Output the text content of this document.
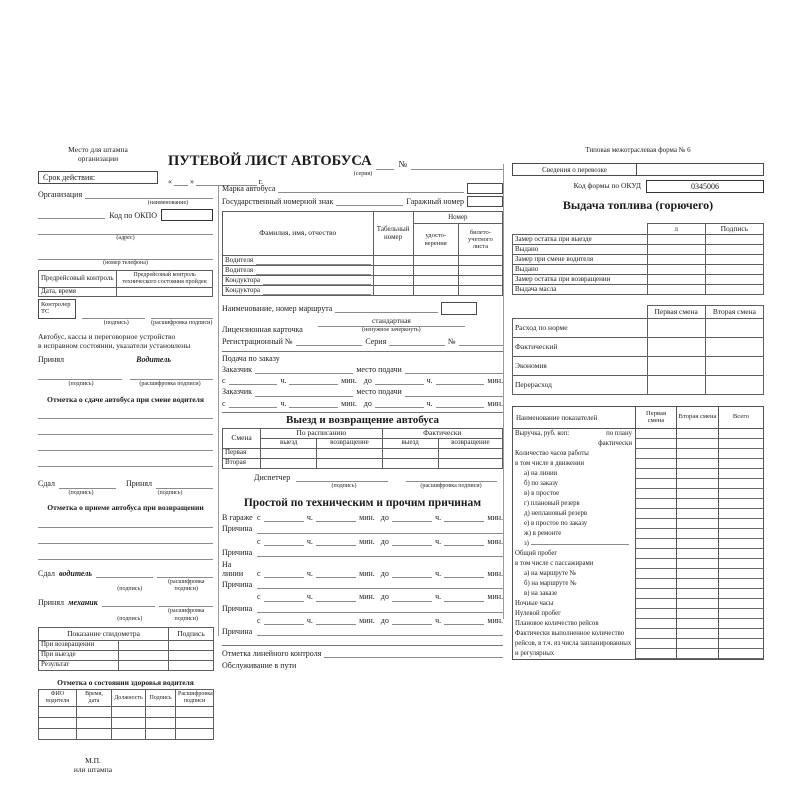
ПУТЕВОЙ ЛИСТ АВТОБУСА	№
(серия)
« »	г.
Место для штампа
организации
Срок действия:
Организация
(наименование)
Код по ОКПО
(адрес)
(номер телефона)
Предрейсовый контроль	Предрейсовый контроль технического состояния пройден
Дата, время	
Контролер ТС
(подпись)	(расшифровка подписи)
Автобус, кассы и переговорное устройство
в исправном состоянии, указатели установлены
Принял	Водитель
(подпись)	(расшифровка подписи)
Отметка о сдаче автобуса при смене водителя
Сдал	Принял
(подпись)	(подпись)
Отметка о приеме автобуса при возвращении
Сдал водитель
(подпись)
(расшифровка подписи)
Принял механик
(подпись)
(расшифровка подписи)
Показание спидометра		Подпись
При возвращении		
При выезде		
Результат		
Отметка о состоянии здоровья водителя
ФИО водителя	Время, дата	Должность	Подпись	Расшифровка подписи

М.П.
или штампа
Марка автобуса
Государственный номерной знак	Гаражный номер
Фамилия, имя, отчество	Табельный номер	Номер	
		удосто-верения	билето-учетного листа

Водителя			

Водителя			

Кондуктора			

Кондуктора			

Наименование, номер маршрута
Лицензионная карточка
стандартная
(ненужное зачеркнуть)
Регистрационный №	Серия	№
Подача по заказу
Заказчик	место подачи
с	ч.	мин. до	ч.	мин.
Заказчик	место подачи
с	ч.	мин. до	ч.	мин.
Выезд и возвращение автобуса
Смена	По расписанию		Фактически	
	выезд	возвращение	выезд	возвращение
Первая				
Вторая				
Диспетчер
(подпись)	(расшифровка подписи)
Простой по техническим и прочим причинам
В гараже с	ч.	мин. до	ч.	мин.
Причина
с	ч.	мин. до	ч.	мин.
Причина
На линии	с	ч.	мин. до	ч.	мин.
Причина
с	ч.	мин. до	ч.	мин.
Причина
с	ч.	мин. до	ч.	мин.
Причина
Отметка линейного контроля
Обслуживание в пути
Типовая межотраслевая форма № 6
Сведения о перевозке
Код формы по ОКУД	0345006
Выдача топлива (горючего)
	л	Подпись
Замер остатка при выезде		
Выдано		
Замер при смене водителя		
Выдано		
Замер остатка при возвращении		
Выдача масла		
	Первая смена	Вторая смена
Расход по норме		
Фактический		
Экономия		
Перерасход		
Наименование показателей
Первая смена	Вторая смена	Всего
Выручка, руб. коп:	по плану
фактически
Количество часов работы
в том числе в движении
а) на линии
б) по заказу
в) в простое
г) плановый резерв
д) неплановый резерв
е) в простое по заказу
ж) в ремонте
з)
Общий пробег
в том числе с пассажирами
а) на маршруте №
б) на маршруте №
в) на заказе
Ночные часы
Нулевой пробег
Плановое количество рейсов
Фактически выполненное количество
рейсов, в т.ч. из числа запланированных
и регулярных
